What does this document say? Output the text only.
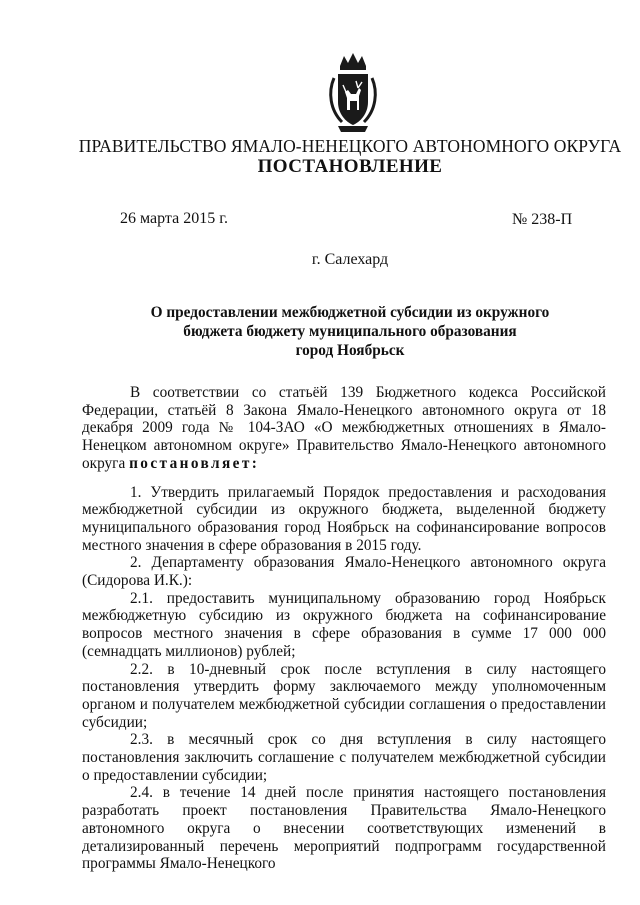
ПРАВИТЕЛЬСТВО ЯМАЛО-НЕНЕЦКОГО АВТОНОМНОГО ОКРУГА
ПОСТАНОВЛЕНИЕ
26 марта 2015 г.	№ 238-П
г. Салехард
О предоставлении межбюджетной субсидии из окружного
бюджета бюджету муниципального образования
город Ноябрьск

В соответствии со статьёй 139 Бюджетного кодекса Российской Федерации, статьёй 8 Закона Ямало-Ненецкого автономного округа от 18 декабря 2009 года № 104-ЗАО «О межбюджетных отношениях в Ямало-Ненецком автономном округе» Правительство Ямало-Ненецкого автономного округа постановляет:

1. Утвердить прилагаемый Порядок предоставления и расходования межбюджетной субсидии из окружного бюджета, выделенной бюджету муниципального образования город Ноябрьск на софинансирование вопросов местного значения в сфере образования в 2015 году.

2. Департаменту образования Ямало-Ненецкого автономного округа (Сидорова И.К.):

2.1. предоставить муниципальному образованию город Ноябрьск межбюджетную субсидию из окружного бюджета на софинансирование вопросов местного значения в сфере образования в сумме 17 000 000 (семнадцать миллионов) рублей;

2.2. в 10-дневный срок после вступления в силу настоящего постановления утвердить форму заключаемого между уполномоченным органом и получателем межбюджетной субсидии соглашения о предоставлении субсидии;

2.3. в месячный срок со дня вступления в силу настоящего постановления заключить соглашение с получателем межбюджетной субсидии о предоставлении субсидии;

2.4. в течение 14 дней после принятия настоящего постановления разработать проект постановления Правительства Ямало-Ненецкого автономного округа о внесении соответствующих изменений в детализированный перечень мероприятий подпрограмм государственной программы Ямало-Ненецкого
